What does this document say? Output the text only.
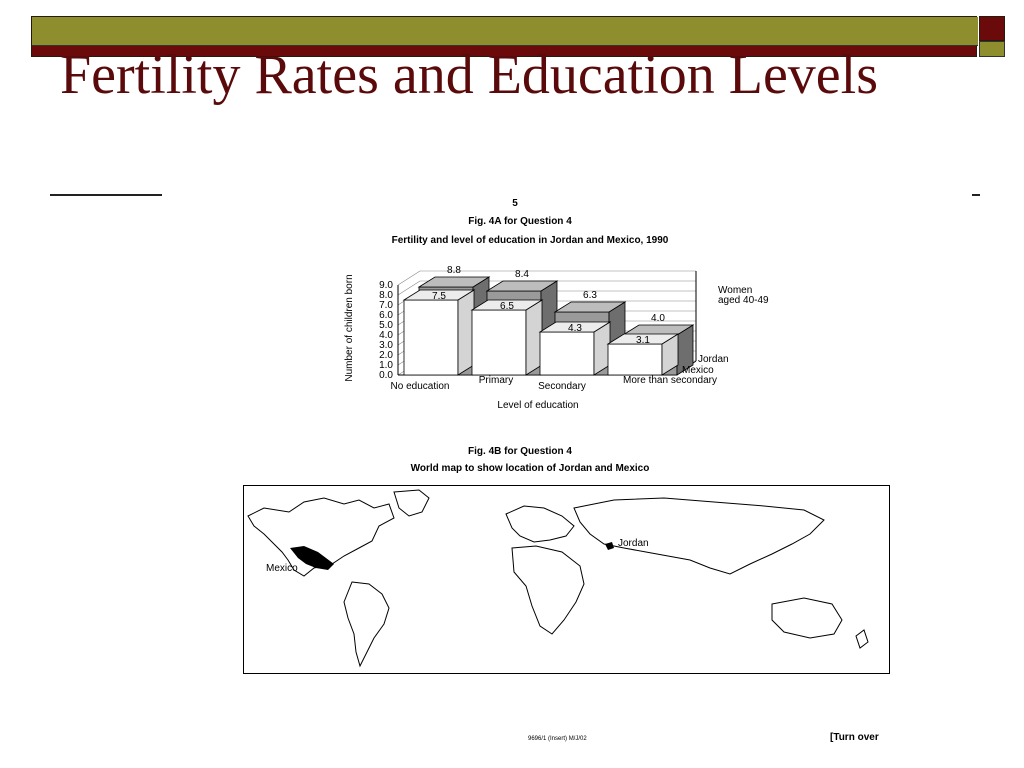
Fertility Rates and Education Levels
5
Fig. 4A for Question 4
Fertility and level of education in Jordan and Mexico, 1990
0.0
1.0
2.0
3.0
4.0
5.0
6.0
7.0
8.0
9.0
8.8
7.5
8.4
6.5
6.3
4.3
4.0
3.1
No education
Primary
Secondary
More than secondary
Jordan
Mexico
Women
aged 40-49
Level of education
Number of children born
Fig. 4B for Question 4
World map to show location of Jordan and Mexico
Mexico
Jordan
9696/1 (Insert) M/J/02	[Turn over
